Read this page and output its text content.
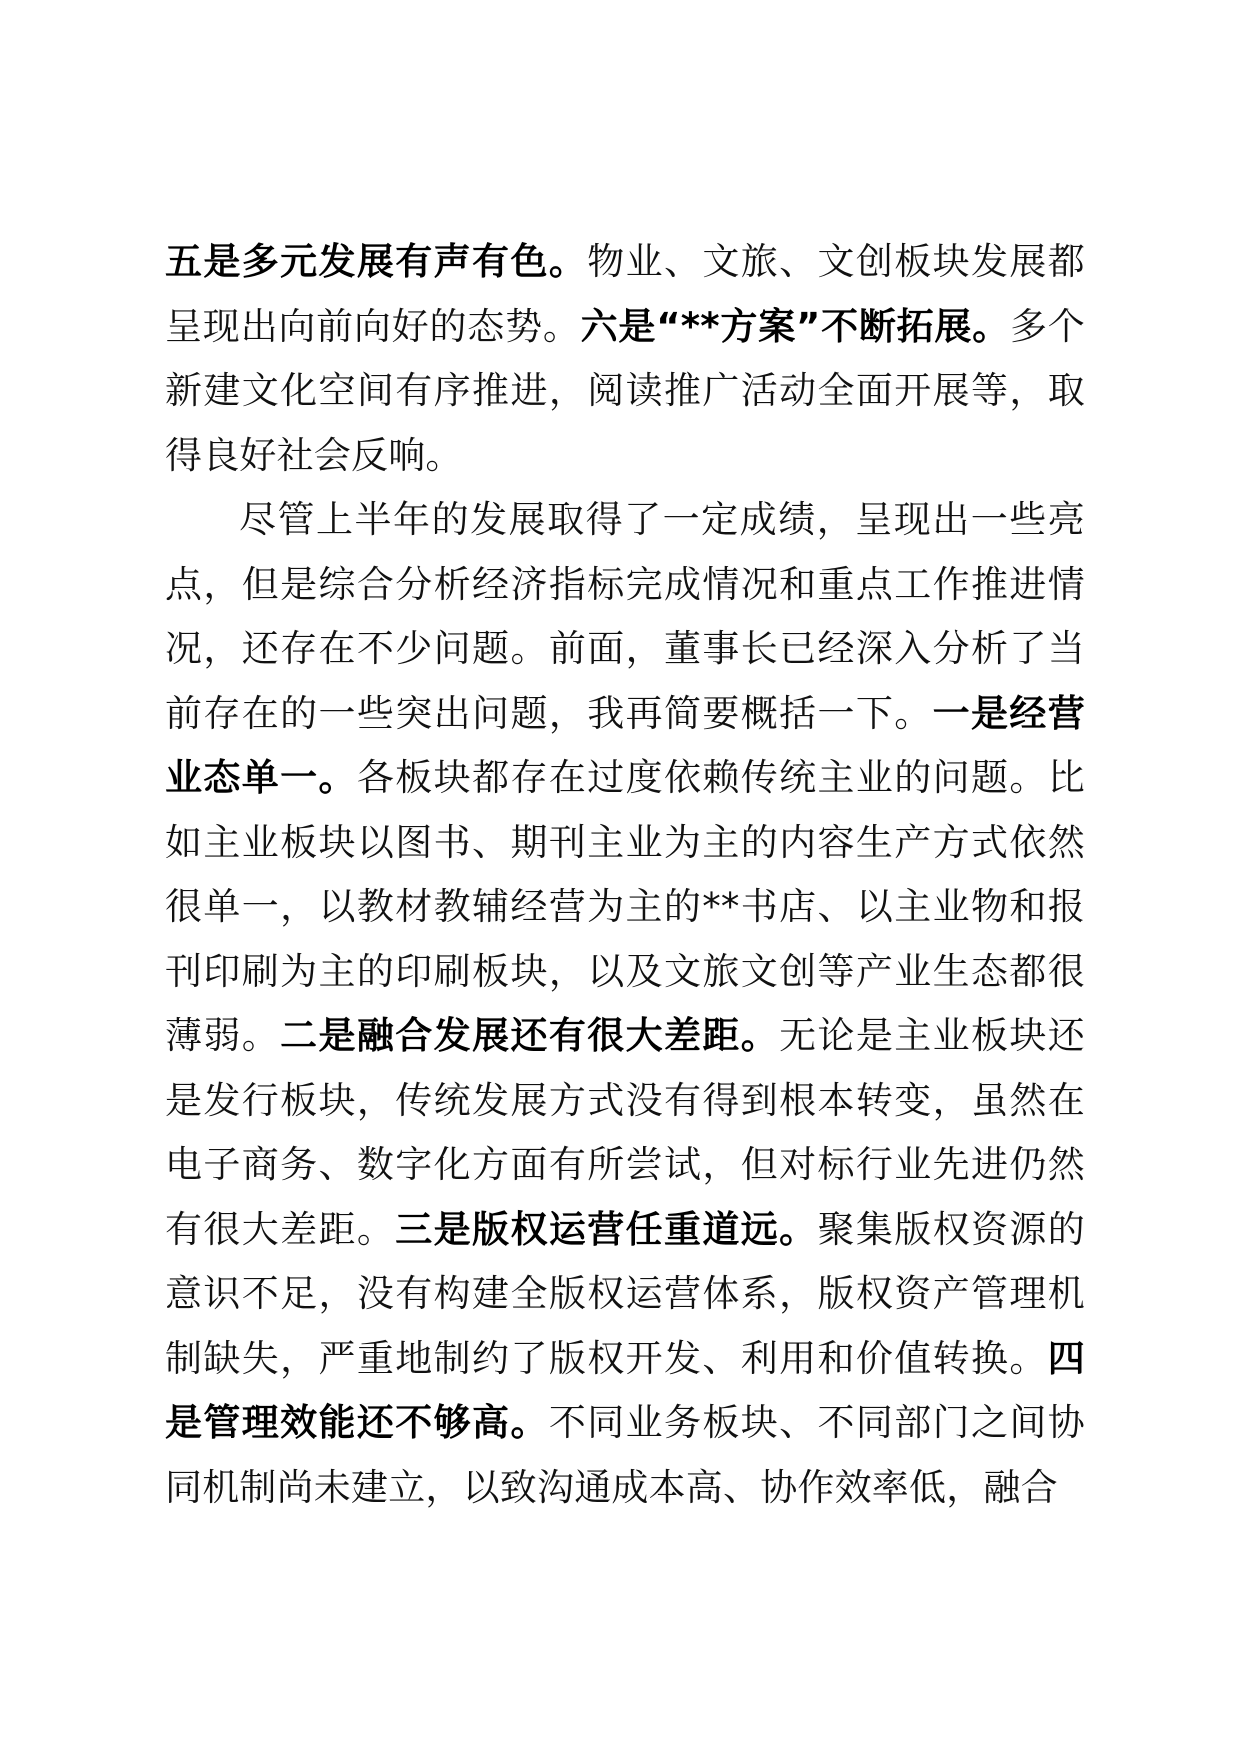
五是多元发展有声有色。物业、文旅、文创板块发展都呈现出向前向好的态势。六是“**方案”不断拓展。多个新建文化空间有序推进，阅读推广活动全面开展等，取得良好社会反响。

尽管上半年的发展取得了一定成绩，呈现出一些亮点，但是综合分析经济指标完成情况和重点工作推进情况，还存在不少问题。前面，董事长已经深入分析了当前存在的一些突出问题，我再简要概括一下。一是经营业态单一。各板块都存在过度依赖传统主业的问题。比如主业板块以图书、期刊主业为主的内容生产方式依然很单一，以教材教辅经营为主的**书店、以主业物和报刊印刷为主的印刷板块，以及文旅文创等产业生态都很薄弱。二是融合发展还有很大差距。无论是主业板块还是发行板块，传统发展方式没有得到根本转变，虽然在电子商务、数字化方面有所尝试，但对标行业先进仍然有很大差距。三是版权运营任重道远。聚集版权资源的意识不足，没有构建全版权运营体系，版权资产管理机制缺失，严重地制约了版权开发、利用和价值转换。四是管理效能还不够高。不同业务板块、不同部门之间协同机制尚未建立，以致沟通成本高、协作效率低，融合
